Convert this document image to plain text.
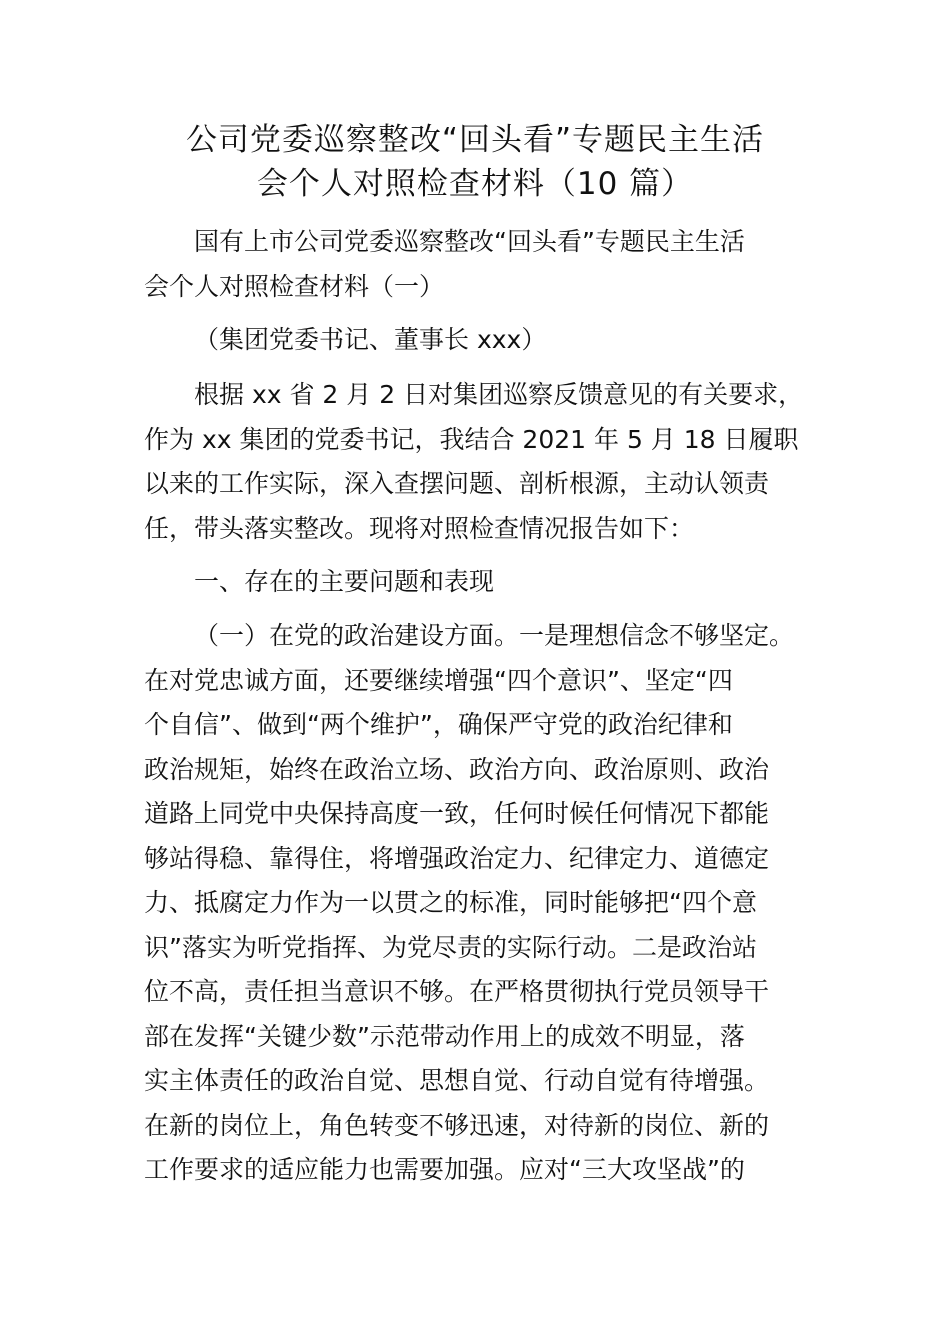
公司党委巡察整改“回头看”专题民主生活
会个人对照检查材料（10 篇）
国有上市公司党委巡察整改“回头看”专题民主生活
会个人对照检查材料（一）
（集团党委书记、董事长 xxx）
根据 xx 省 2 月 2 日对集团巡察反馈意见的有关要求，
作为 xx 集团的党委书记，我结合 2021 年 5 月 18 日履职
以来的工作实际，深入查摆问题、剖析根源，主动认领责
任，带头落实整改。现将对照检查情况报告如下：
一、存在的主要问题和表现
（一）在党的政治建设方面。一是理想信念不够坚定。
在对党忠诚方面，还要继续增强“四个意识”、坚定“四
个自信”、做到“两个维护”，确保严守党的政治纪律和
政治规矩，始终在政治立场、政治方向、政治原则、政治
道路上同党中央保持高度一致，任何时候任何情况下都能
够站得稳、靠得住，将增强政治定力、纪律定力、道德定
力、抵腐定力作为一以贯之的标准，同时能够把“四个意
识”落实为听党指挥、为党尽责的实际行动。二是政治站
位不高，责任担当意识不够。在严格贯彻执行党员领导干
部在发挥“关键少数”示范带动作用上的成效不明显，落
实主体责任的政治自觉、思想自觉、行动自觉有待增强。
在新的岗位上，角色转变不够迅速，对待新的岗位、新的
工作要求的适应能力也需要加强。应对“三大攻坚战”的
